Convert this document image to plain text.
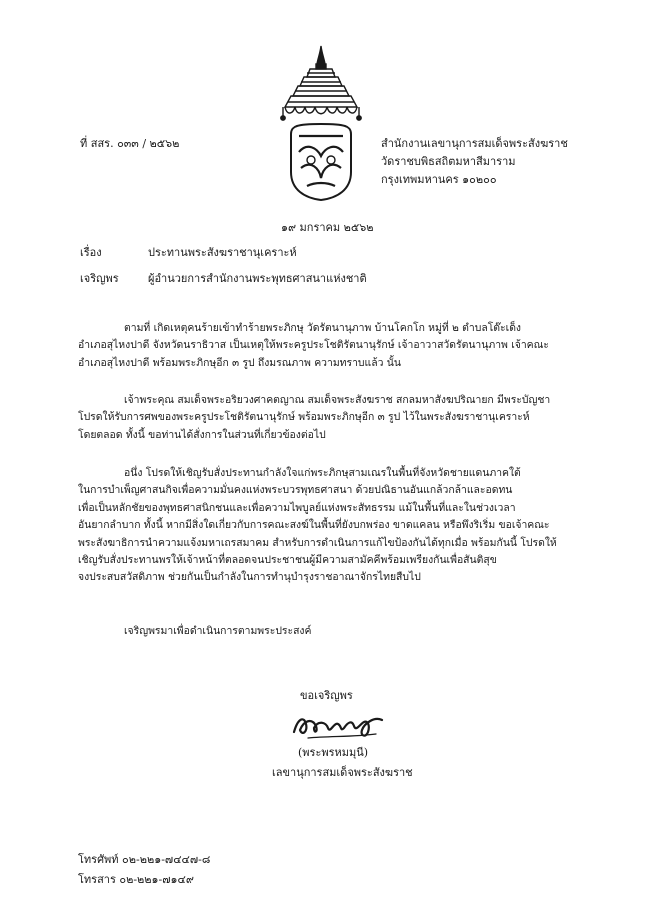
ที่ สสร. ๐๓๓ / ๒๕๖๒	สำนักงานเลขานุการสมเด็จพระสังฆราช
วัดราชบพิธสถิตมหาสีมาราม
กรุงเทพมหานคร ๑๐๒๐๐
๑๙ มกราคม ๒๕๖๒
เรื่อง	ประทานพระสังฆราชานุเคราะห์
เจริญพร	ผู้อำนวยการสำนักงานพระพุทธศาสนาแห่งชาติ
ตามที่ เกิดเหตุคนร้ายเข้าทำร้ายพระภิกษุ วัดรัตนานุภาพ บ้านโคกโก หมู่ที่ ๒ ตำบลโต๊ะเด็ง
อำเภอสุไหงปาดี จังหวัดนราธิวาส เป็นเหตุให้พระครูประโชติรัตนานุรักษ์ เจ้าอาวาสวัดรัตนานุภาพ เจ้าคณะ
อำเภอสุไหงปาดี พร้อมพระภิกษุอีก ๓ รูป ถึงมรณภาพ ความทราบแล้ว นั้น
เจ้าพระคุณ สมเด็จพระอริยวงศาคตญาณ สมเด็จพระสังฆราช สกลมหาสังฆปริณายก มีพระบัญชา
โปรดให้รับการศพของพระครูประโชติรัตนานุรักษ์ พร้อมพระภิกษุอีก ๓ รูป ไว้ในพระสังฆราชานุเคราะห์
โดยตลอด ทั้งนี้ ขอท่านได้สั่งการในส่วนที่เกี่ยวข้องต่อไป
อนึ่ง โปรดให้เชิญรับสั่งประทานกำลังใจแก่พระภิกษุสามเณรในพื้นที่จังหวัดชายแดนภาคใต้
ในการบำเพ็ญศาสนกิจเพื่อความมั่นคงแห่งพระบวรพุทธศาสนา ด้วยปณิธานอันแกล้วกล้าและอดทน
เพื่อเป็นหลักชัยของพุทธศาสนิกชนและเพื่อความไพบูลย์แห่งพระสัทธรรม แม้ในพื้นที่และในช่วงเวลา
อันยากลำบาก ทั้งนี้ หากมีสิ่งใดเกี่ยวกับการคณะสงฆ์ในพื้นที่ยังบกพร่อง ขาดแคลน หรือพึงริเริ่ม ขอเจ้าคณะ
พระสังฆาธิการนำความแจ้งมหาเถรสมาคม สำหรับการดำเนินการแก้ไขป้องกันได้ทุกเมื่อ พร้อมกันนี้ โปรดให้
เชิญรับสั่งประทานพรให้เจ้าหน้าที่ตลอดจนประชาชนผู้มีความสามัคคีพร้อมเพรียงกันเพื่อสันติสุข
จงประสบสวัสดิภาพ ช่วยกันเป็นกำลังในการทำนุบำรุงราชอาณาจักรไทยสืบไป
เจริญพรมาเพื่อดำเนินการตามพระประสงค์
ขอเจริญพร
(พระพรหมมุนี)
เลขานุการสมเด็จพระสังฆราช
โทรศัพท์ ๐๒-๒๒๑-๗๔๔๗-๘
โทรสาร ๐๒-๒๒๑-๗๑๔๙
